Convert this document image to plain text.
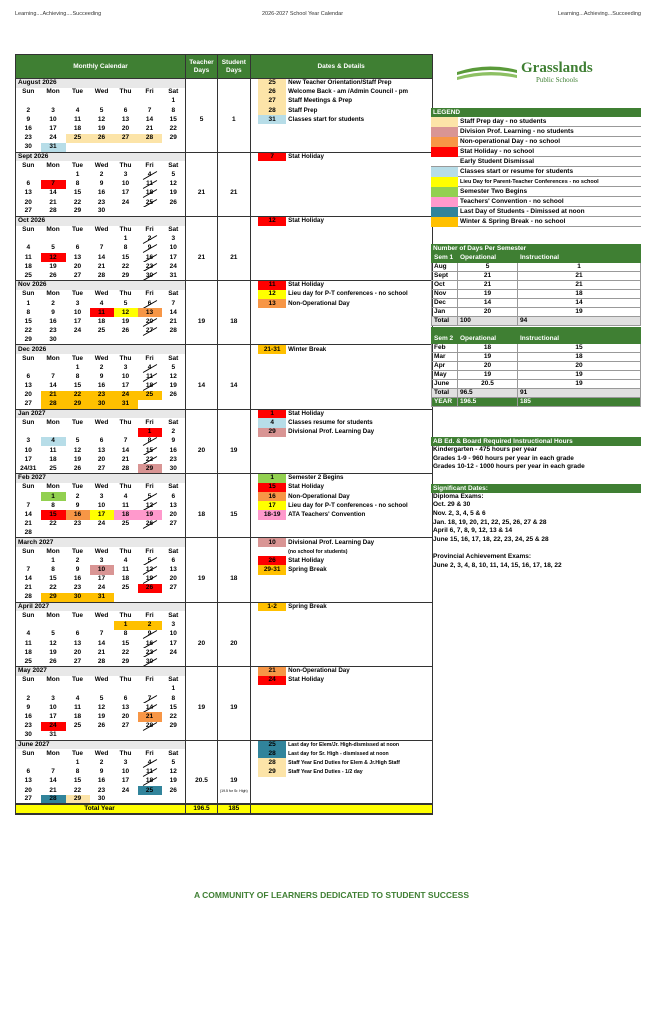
Learning....Achieving....Succeeding	2026-2027 School Year Calendar	Learning...Achieving...Succeeding
Monthly Calendar							Teacher Days	Student Days	Dates & Details		
August 2026										25	New Teacher Orientation/Staff Prep
Sun	Mon	Tue	Wed	Thu	Fri	Sat				26	Welcome Back - am /Admin Council - pm
						1				27	Staff Meetings & Prep
2	3	4	5	6	7	8				28	Staff Prep
9	10	11	12	13	14	15	5	1		31	Classes start for students
16	17	18	19	20	21	22					
23	24	25	26	27	28	29					
30	31										
Sept 2026										7	Stat Holiday
Sun	Mon	Tue	Wed	Thu	Fri	Sat					
		1	2	3	4	5					
6	7	8	9	10	11	12					
13	14	15	16	17	18	19	21	21			
20	21	22	23	24	25	26					
27	28	29	30								
Oct 2026										12	Stat Holiday
Sun	Mon	Tue	Wed	Thu	Fri	Sat					
				1	2	3					
4	5	6	7	8	9	10					
11	12	13	14	15	16	17	21	21			
18	19	20	21	22	23	24					
25	26	27	28	29	30	31					
Nov 2026										11	Stat Holiday
Sun	Mon	Tue	Wed	Thu	Fri	Sat				12	Lieu day for P-T conferences - no school
1	2	3	4	5	6	7				13	Non-Operational Day
8	9	10	11	12	13	14					
15	16	17	18	19	20	21	19	18			
22	23	24	25	26	27	28					
29	30										
Dec 2026										21-31	Winter Break
Sun	Mon	Tue	Wed	Thu	Fri	Sat					
		1	2	3	4	5					
6	7	8	9	10	11	12					
13	14	15	16	17	18	19	14	14			
20	21	22	23	24	25	26					
27	28	29	30	31							
Jan 2027										1	Stat Holiday
Sun	Mon	Tue	Wed	Thu	Fri	Sat				4	Classes resume for students
					1	2				29	Divisional Prof. Learning Day
3	4	5	6	7	8	9					
10	11	12	13	14	15	16	20	19			
17	18	19	20	21	22	23					
24/31	25	26	27	28	29	30					
Feb 2027										1	Semester 2 Begins
Sun	Mon	Tue	Wed	Thu	Fri	Sat				15	Stat Holiday
	1	2	3	4	5	6				16	Non-Operational Day
7	8	9	10	11	12	13				17	Lieu day for P-T conferences - no school
14	15	16	17	18	19	20	18	15		18-19	ATA Teachers' Convention
21	22	23	24	25	26	27					
28											
March 2027										10	Divisional Prof. Learning Day
Sun	Mon	Tue	Wed	Thu	Fri	Sat					(no school for students)
	1	2	3	4	5	6				26	Stat Holiday
7	8	9	10	11	12	13				29-31	Spring Break
14	15	16	17	18	19	20	19	18			
21	22	23	24	25	26	27					
28	29	30	31								
April 2027										1-2	Spring Break
Sun	Mon	Tue	Wed	Thu	Fri	Sat					
				1	2	3					
4	5	6	7	8	9	10					
11	12	13	14	15	16	17	20	20			
18	19	20	21	22	23	24					
25	26	27	28	29	30						
May 2027										21	Non-Operational Day
Sun	Mon	Tue	Wed	Thu	Fri	Sat				24	Stat Holiday
						1					
2	3	4	5	6	7	8					
9	10	11	12	13	14	15	19	19			
16	17	18	19	20	21	22					
23	24	25	26	27	28	29					
30	31										
June 2027										25	Last day for Elem/Jr. High-dismissed at noon
Sun	Mon	Tue	Wed	Thu	Fri	Sat				28	Last day for Sr. High - dismissed at noon
		1	2	3	4	5				28	Staff Year End Duties for Elem & Jr.High Staff
6	7	8	9	10	11	12				29	Staff Year End Duties - 1/2 day
13	14	15	16	17	18	19	20.5	19			
20	21	22	23	24	25	26		(19.5 for Sr. High)			
27	28	29	30								
Total Year							196.5	185			
Grasslands
Public Schools
LEGEND
Staff Prep day - no students
Division Prof. Learning - no students
Non-operational Day - no school
Stat Holiday - no school
Early Student Dismissal
Classes start or resume for students
Lieu Day for Parent-Teacher Conferences - no school
Semester Two Begins
Teachers' Convention - no school
Last Day of Students - Dimissed at noon
Winter & Spring Break - no school
Number of Days Per Semester
Sem 1	Operational	Instructional
Aug	5	1
Sept	21	21
Oct	21	21
Nov	19	18
Dec	14	14
Jan	20	19
Total	100	94
Sem 2	Operational	Instructional
Feb	18	15
Mar	19	18
Apr	20	20
May	19	19
June	20.5	19
Total	96.5	91
YEAR	196.5	185
AB Ed. & Board Required Instructional Hours
Kindergarten - 475 hours per year
Grades 1-9 - 960 hours per year in each grade
Grades 10-12 - 1000 hours per year in each grade
Significant Dates:
Diploma Exams:
Oct. 29 & 30
Nov. 2, 3, 4, 5 & 6
Jan. 18, 19, 20, 21, 22, 25, 26, 27 & 28
April 6, 7, 8, 9, 12, 13 & 14
June 15, 16, 17, 18, 22, 23, 24, 25 & 28
Provincial Achievement Exams:
June 2, 3, 4, 8, 10, 11, 14, 15, 16, 17, 18, 22
A COMMUNITY OF LEARNERS DEDICATED TO STUDENT SUCCESS
